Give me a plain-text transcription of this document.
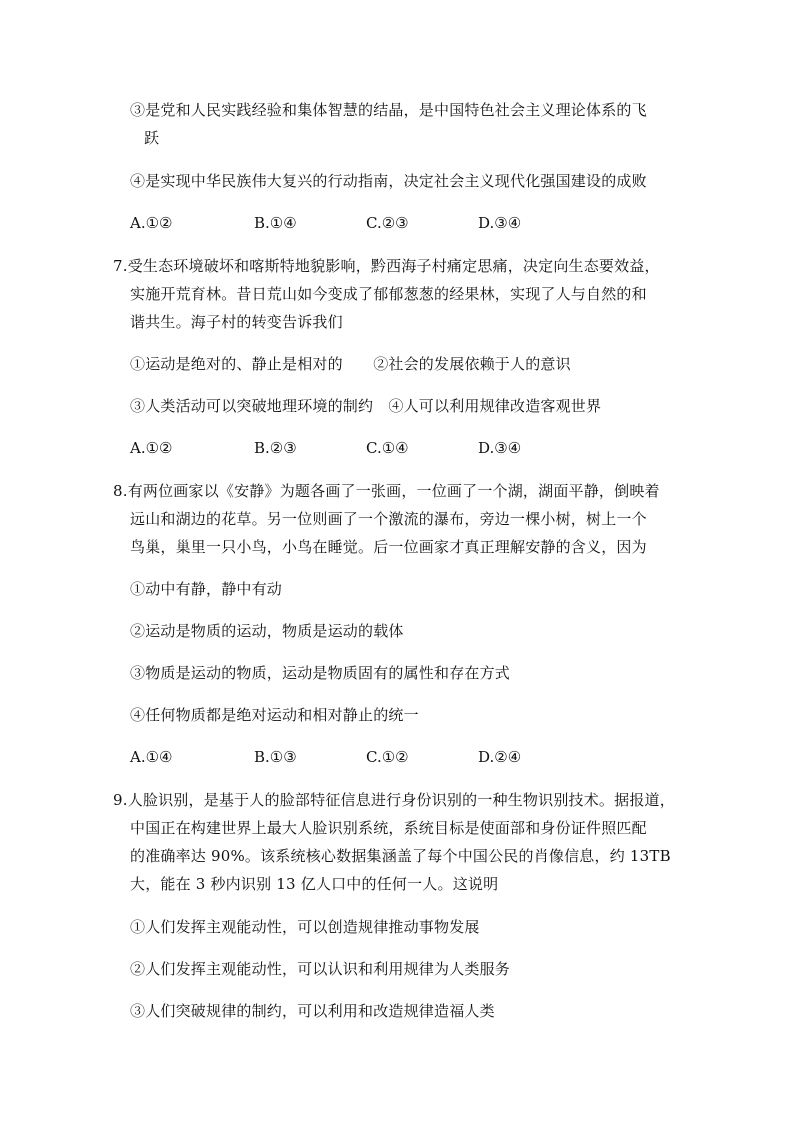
③是党和人民实践经验和集体智慧的结晶，是中国特色社会主义理论体系的飞
跃
④是实现中华民族伟大复兴的行动指南，决定社会主义现代化强国建设的成败
A.①②	B.①④	C.②③	D.③④
7.受生态环境破坏和喀斯特地貌影响，黔西海子村痛定思痛，决定向生态要效益，
实施开荒育林。昔日荒山如今变成了郁郁葱葱的经果林，实现了人与自然的和
谐共生。海子村的转变告诉我们
①运动是绝对的、静止是相对的　　②社会的发展依赖于人的意识
③人类活动可以突破地理环境的制约　④人可以利用规律改造客观世界
A.①②	B.②③	C.①④	D.③④
8.有两位画家以《安静》为题各画了一张画，一位画了一个湖，湖面平静，倒映着
远山和湖边的花草。另一位则画了一个激流的瀑布，旁边一棵小树，树上一个
鸟巢，巢里一只小鸟，小鸟在睡觉。后一位画家才真正理解安静的含义，因为
①动中有静，静中有动
②运动是物质的运动，物质是运动的载体
③物质是运动的物质，运动是物质固有的属性和存在方式
④任何物质都是绝对运动和相对静止的统一
A.①④	B.①③	C.①②	D.②④
9.人脸识别，是基于人的脸部特征信息进行身份识别的一种生物识别技术。据报道，
中国正在构建世界上最大人脸识别系统，系统目标是使面部和身份证件照匹配
的准确率达 90%。该系统核心数据集涵盖了每个中国公民的肖像信息，约 13TB
大，能在 3 秒内识别 13 亿人口中的任何一人。这说明
①人们发挥主观能动性，可以创造规律推动事物发展
②人们发挥主观能动性，可以认识和利用规律为人类服务
③人们突破规律的制约，可以利用和改造规律造福人类
